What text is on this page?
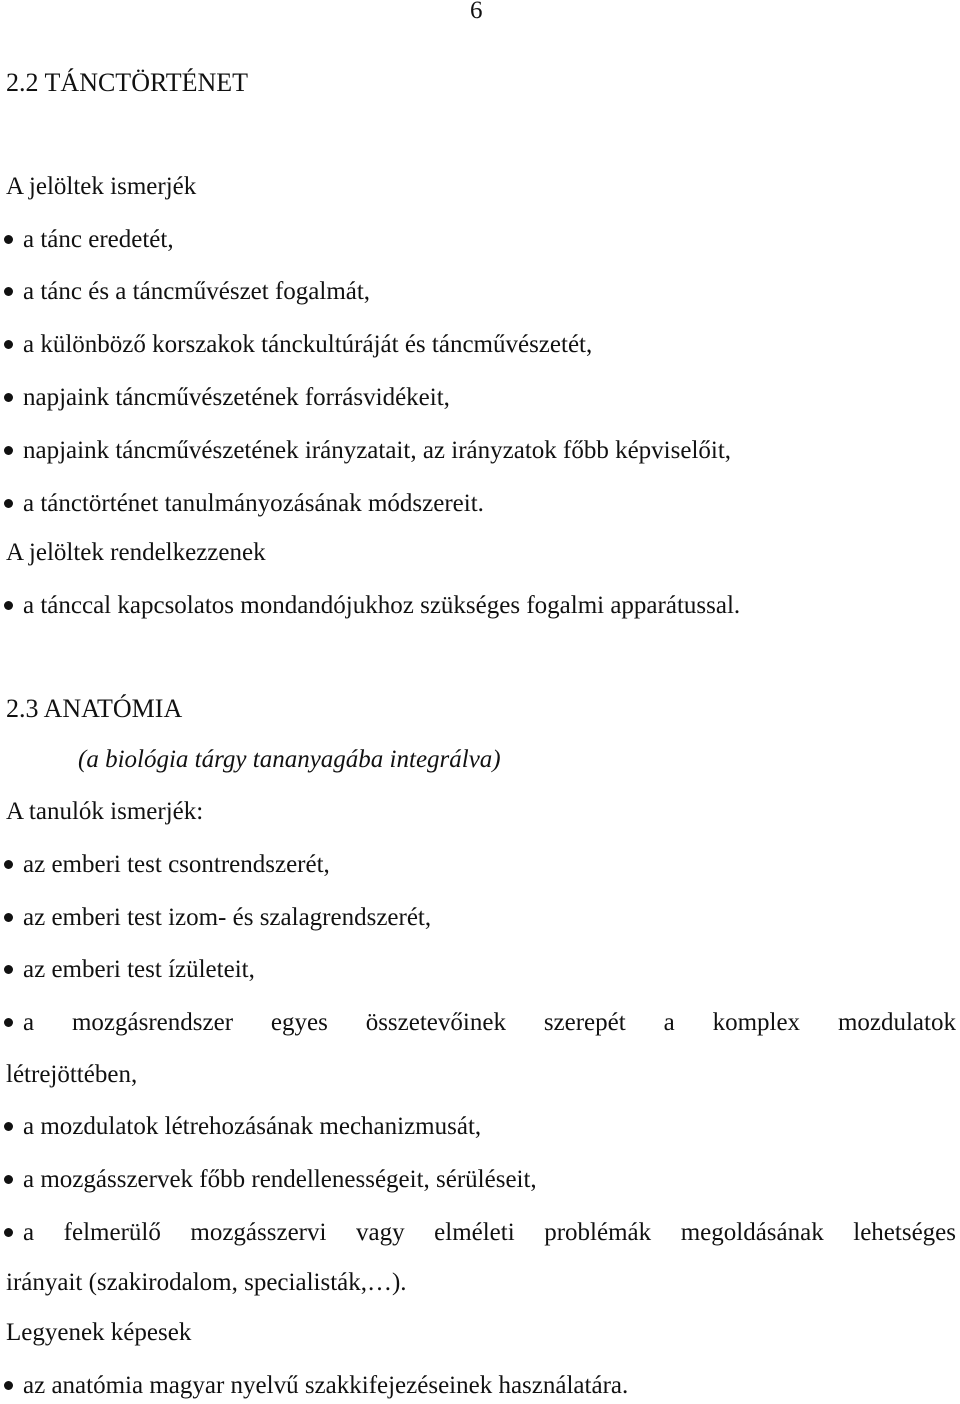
6
2.2 TÁNCTÖRTÉNET
A jelöltek ismerjék
a tánc eredetét,
a tánc és a táncművészet fogalmát,
a különböző korszakok tánckultúráját és táncművészetét,
napjaink táncművészetének forrásvidékeit,
napjaink táncművészetének irányzatait, az irányzatok főbb képviselőit,
a tánctörténet tanulmányozásának módszereit.
A jelöltek rendelkezzenek
a tánccal kapcsolatos mondandójukhoz szükséges fogalmi apparátussal.
2.3 ANATÓMIA
(a biológia tárgy tananyagába integrálva)
A tanulók ismerjék:
az emberi test csontrendszerét,
az emberi test izom- és szalagrendszerét,
az emberi test ízületeit,
a mozgásrendszer egyes összetevőinek szerepét a komplex mozdulatok
létrejöttében,
a mozdulatok létrehozásának mechanizmusát,
a mozgásszervek főbb rendellenességeit, sérüléseit,
a felmerülő mozgásszervi vagy elméleti problémák megoldásának lehetséges
irányait (szakirodalom, specialisták,…).
Legyenek képesek
az anatómia magyar nyelvű szakkifejezéseinek használatára.
